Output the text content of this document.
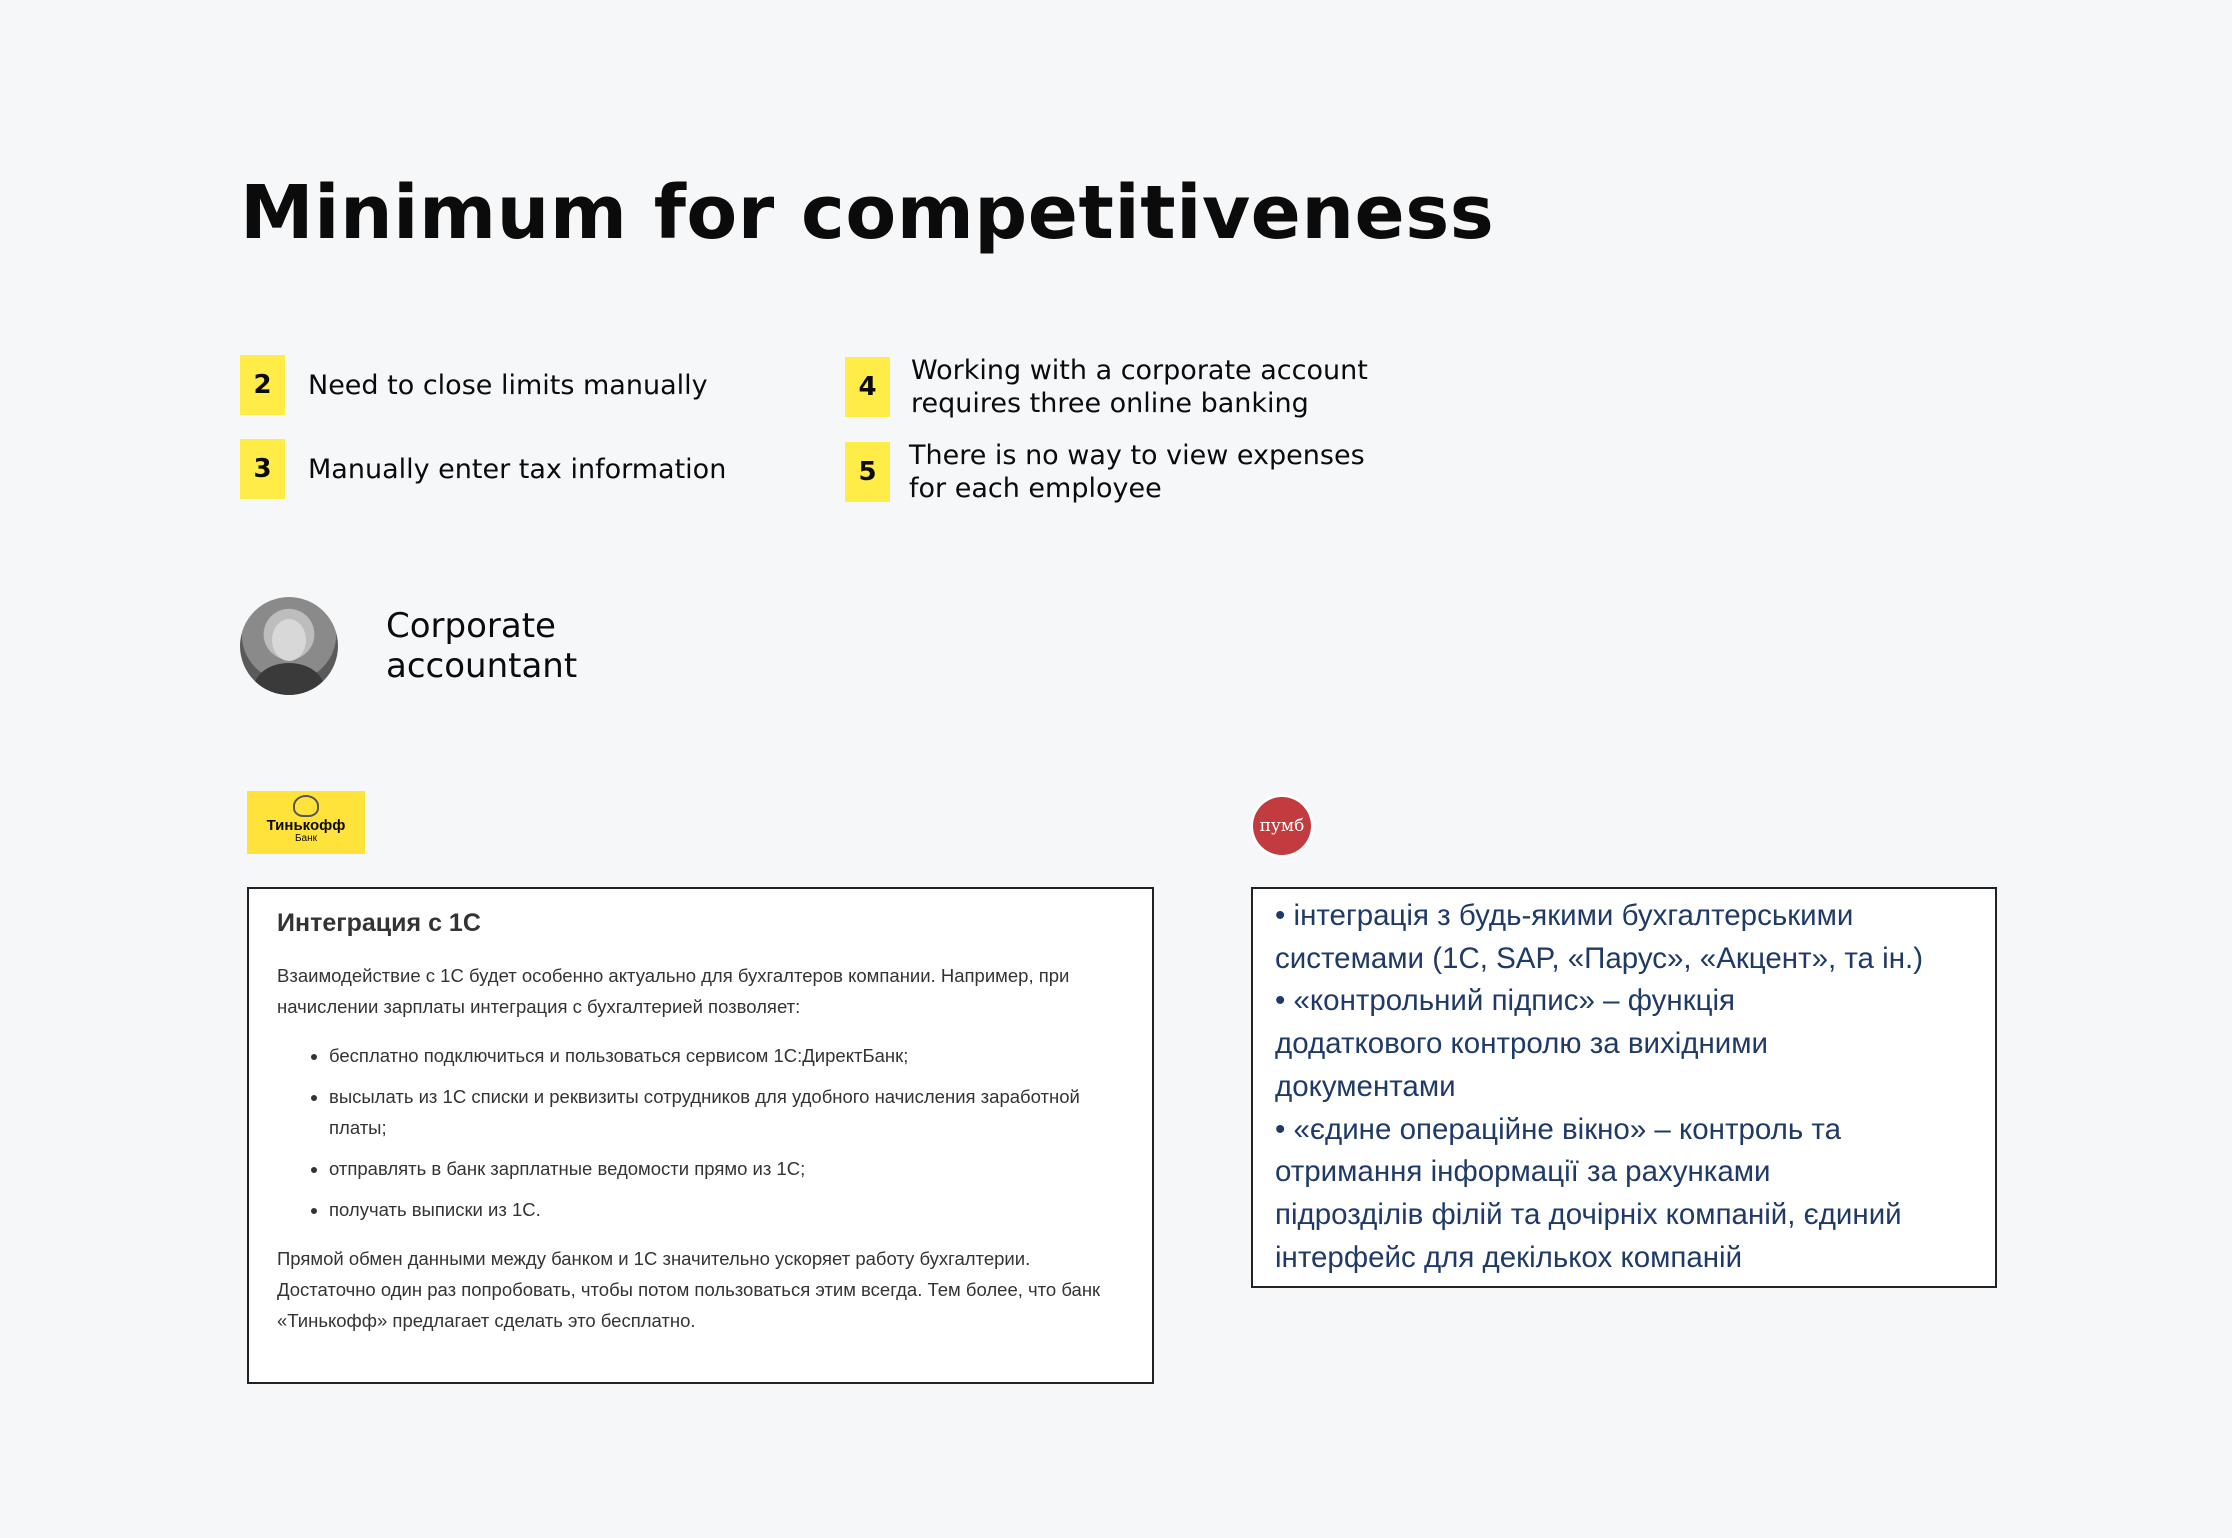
Minimum for competitiveness
2	Need to close limits manually
3	Manually enter tax information
4
Working with a corporate account
requires three online banking
5
There is no way to view expenses
for each employee
Corporate
accountant
Тинькофф
Банк
пумб
Интеграция с 1С

Взаимодействие с 1С будет особенно актуально для бухгалтеров компании. Например, при начислении зарплаты интеграция с бухгалтерией позволяет:

• бесплатно подключиться и пользоваться сервисом 1С:ДиректБанк;
• высылать из 1С списки и реквизиты сотрудников для удобного начисления заработной платы;
• отправлять в банк зарплатные ведомости прямо из 1С;
• получать выписки из 1С.

Прямой обмен данными между банком и 1С значительно ускоряет работу бухгалтерии. Достаточно один раз попробовать, чтобы потом пользоваться этим всегда. Тем более, что банк «Тинькофф» предлагает сделать это бесплатно.

• інтеграція з будь-якими бухгалтерськими
системами (1С, SAP, «Парус», «Акцент», та ін.)
• «контрольний підпис» – функція
додаткового контролю за вихідними
документами
• «єдине операційне вікно» – контроль та
отримання інформації за рахунками
підрозділів філій та дочірніх компаній, єдиний
інтерфейс для декількох компаній
